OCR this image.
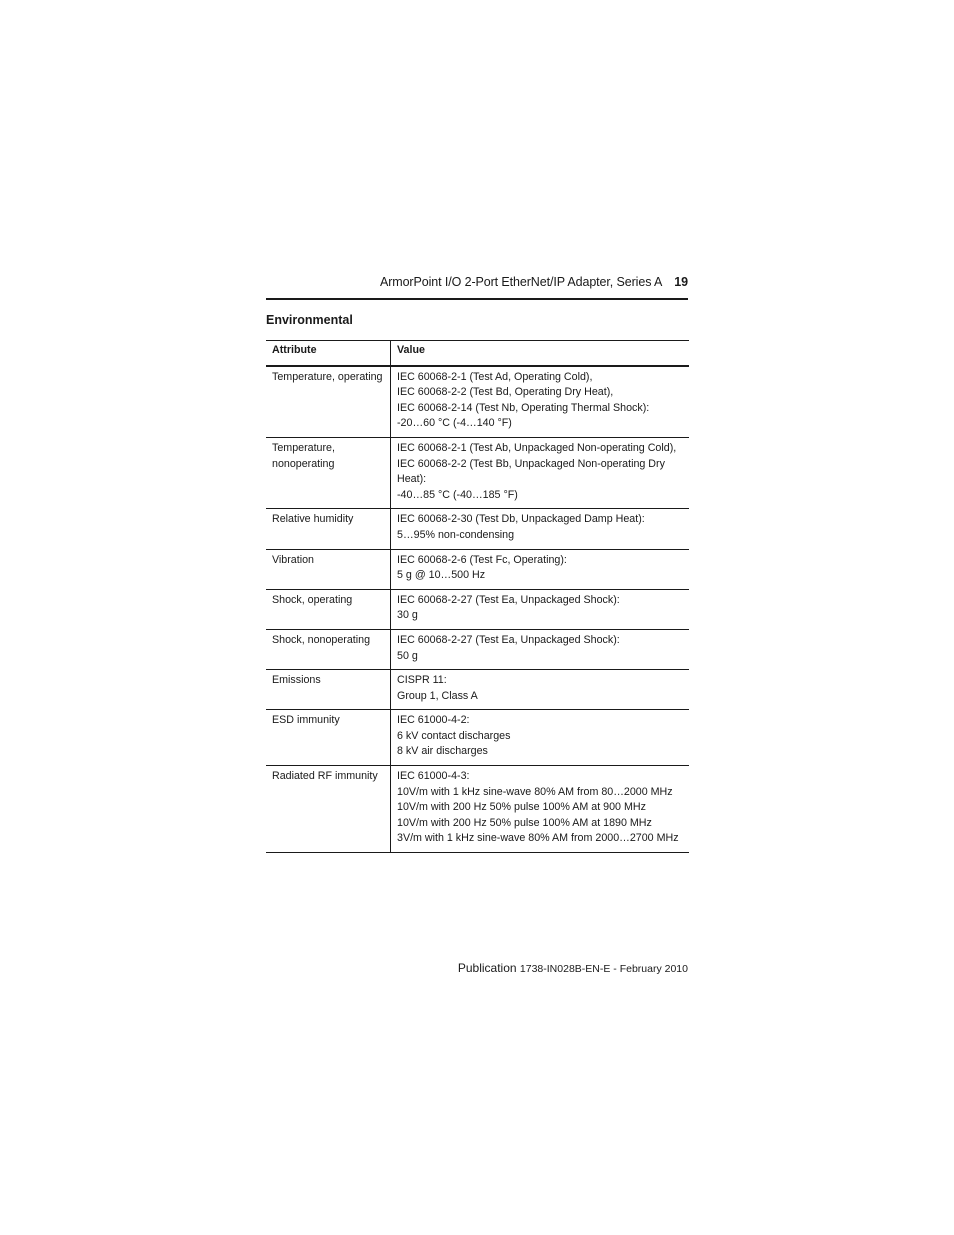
ArmorPoint I/O 2-Port EtherNet/IP Adapter, Series A 19
Environmental
Attribute	Value
Temperature, operating	IEC 60068-2-1 (Test Ad, Operating Cold),
IEC 60068-2-2 (Test Bd, Operating Dry Heat),
IEC 60068-2-14 (Test Nb, Operating Thermal Shock):
-20…60 °C (-4…140 °F)

Temperature, nonoperating	IEC 60068-2-1 (Test Ab, Unpackaged Non-operating Cold),
IEC 60068-2-2 (Test Bb, Unpackaged Non-operating Dry Heat):
-40…85 °C (-40…185 °F)

Relative humidity	IEC 60068-2-30 (Test Db, Unpackaged Damp Heat):
5…95% non-condensing

Vibration	IEC 60068-2-6 (Test Fc, Operating):
5 g @ 10…500 Hz

Shock, operating	IEC 60068-2-27 (Test Ea, Unpackaged Shock):
30 g

Shock, nonoperating	IEC 60068-2-27 (Test Ea, Unpackaged Shock):
50 g

Emissions	CISPR 11:
Group 1, Class A

ESD immunity	IEC 61000-4-2:
6 kV contact discharges
8 kV air discharges

Radiated RF immunity	IEC 61000-4-3:
10V/m with 1 kHz sine-wave 80% AM from 80…2000 MHz
10V/m with 200 Hz 50% pulse 100% AM at 900 MHz
10V/m with 200 Hz 50% pulse 100% AM at 1890 MHz
3V/m with 1 kHz sine-wave 80% AM from 2000…2700 MHz
Publication 1738-IN028B-EN-E - February 2010
